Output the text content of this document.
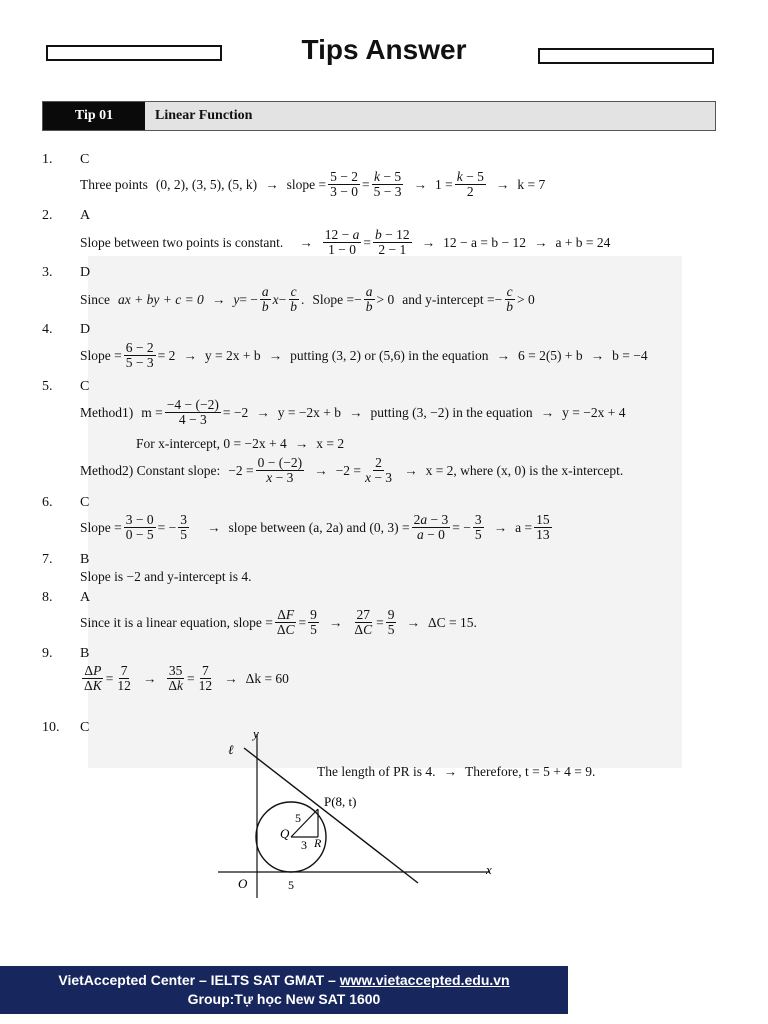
Tips Answer
Tip 01	Linear Function
1. C
2. A
3. D
4. D
5. C
6. C
7. B
8. A
9. B
10. C
Three points (0, 2), (3, 5), (5, k) → slope = $\frac{5 - 2}{3 - 0} = \frac{k - 5}{5 - 3} \to 1 = \frac{k - 5}{2} \to k = 7$
Slope between two points is constant. → $\frac{12 - a}{1 - 0} = \frac{b - 12}{2 - 1} \to 12 - a = b - 12 \to a + b = 24$
Since ax + by + c = 0 → y = − $\frac{a}{b}$ $x - \frac{c}{b}$ . Slope = − $\frac{a}{b} > 0$ and y-intercept = − $\frac{c}{b} > 0$
Slope = $\frac{6 - 2}{5 - 3} = 2 \to y = 2x + b$ → putting (3, 2) or (5,6) in the equation → 6 = 2(5) + b → b = −4
Method1) $m = \frac{-4 - (-2)}{4 - 3} = -2 \to y = -2x + b$ → putting (3, −2) in the equation → y = −2x + 4
For x-intercept, 0 = −2x + 4 → x = 2
Method2) Constant slope: $-2 = \frac{0 - (-2)}{x - 3} \to -2 = \frac{2}{x - 3} \to x = 2$, where (x, 0) is the x-intercept.
Slope = $\frac{3 - 0}{0 - 5}$ = − $\frac{3}{5}$ → slope between (a, 2a) and (0, $3) = \frac{2a - 3}{a - 0}$ = − $\frac{3}{5} \to a = \frac{15}{13}$
Slope is −2 and y-intercept is 4.
Since it is a linear equation, slope = $\frac{\Delta F}{\Delta C} = \frac{9}{5} \to \frac{27}{\Delta C} = \frac{9}{5} \to \Delta C = 15$.
$\frac{\Delta P}{\Delta K} = \frac{7}{12} \to \frac{35}{\Delta k} = \frac{7}{12} \to \Delta k = 60$
The length of PR is 4. → Therefore, t = 5 + 4 = 9.
ℓ
y
x
O
P(8, t)
Q
R
5
3
5
VietAccepted Center – IELTS SAT GMAT – www.vietaccepted.edu.vn
Group:Tự học New SAT 1600
